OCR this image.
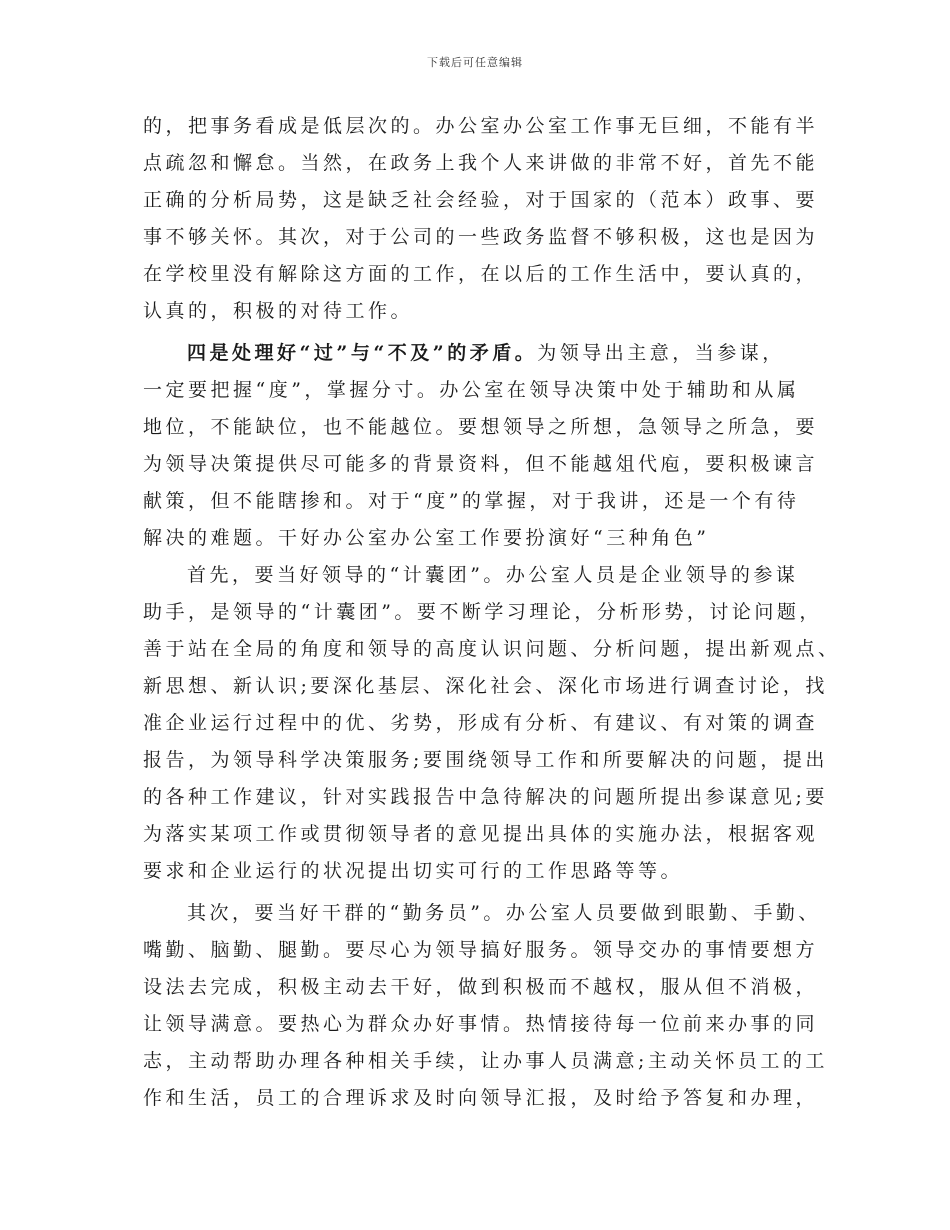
下载后可任意编辑
的，把事务看成是低层次的。办公室办公室工作事无巨细，不能有半
点疏忽和懈怠。当然，在政务上我个人来讲做的非常不好，首先不能
正确的分析局势，这是缺乏社会经验，对于国家的（范本）政事、要
事不够关怀。其次，对于公司的一些政务监督不够积极，这也是因为
在学校里没有解除这方面的工作，在以后的工作生活中，要认真的，
认真的，积极的对待工作。
四是处理好“过”与“不及”的矛盾。为领导出主意，当参谋，
一定要把握“度”，掌握分寸。办公室在领导决策中处于辅助和从属
地位，不能缺位，也不能越位。要想领导之所想，急领导之所急，要
为领导决策提供尽可能多的背景资料，但不能越俎代庖，要积极谏言
献策，但不能瞎掺和。对于“度”的掌握，对于我讲，还是一个有待
解决的难题。干好办公室办公室工作要扮演好“三种角色”
首先，要当好领导的“计囊团”。办公室人员是企业领导的参谋
助手，是领导的“计囊团”。要不断学习理论，分析形势，讨论问题，
善于站在全局的角度和领导的高度认识问题、分析问题，提出新观点、
新思想、新认识;要深化基层、深化社会、深化市场进行调查讨论，找
准企业运行过程中的优、劣势，形成有分析、有建议、有对策的调查
报告，为领导科学决策服务;要围绕领导工作和所要解决的问题，提出
的各种工作建议，针对实践报告中急待解决的问题所提出参谋意见;要
为落实某项工作或贯彻领导者的意见提出具体的实施办法，根据客观
要求和企业运行的状况提出切实可行的工作思路等等。
其次，要当好干群的“勤务员”。办公室人员要做到眼勤、手勤、
嘴勤、脑勤、腿勤。要尽心为领导搞好服务。领导交办的事情要想方
设法去完成，积极主动去干好，做到积极而不越权，服从但不消极，
让领导满意。要热心为群众办好事情。热情接待每一位前来办事的同
志，主动帮助办理各种相关手续，让办事人员满意;主动关怀员工的工
作和生活，员工的合理诉求及时向领导汇报，及时给予答复和办理，
